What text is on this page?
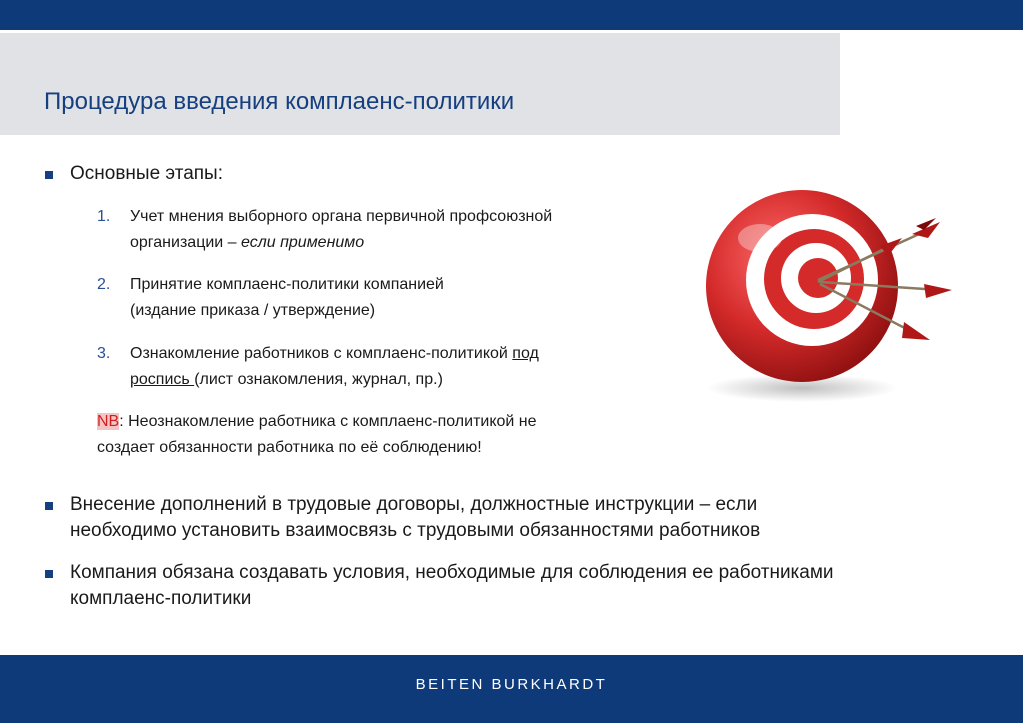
Процедура введения комплаенс-политики
Основные этапы:
1. Учет мнения выборного органа первичной профсоюзной
организации – если применимо
2. Принятие комплаенс-политики компанией
(издание приказа / утверждение)
3. Ознакомление работников с комплаенс-политикой под
роспись (лист ознакомления, журнал, пр.)
NB: Неознакомление работника с комплаенс-политикой не
создает обязанности работника по её соблюдению!
Внесение дополнений в трудовые договоры, должностные инструкции – если
необходимо установить взаимосвязь с трудовыми обязанностями работников
Компания обязана создавать условия, необходимые для соблюдения ее работниками
комплаенс-политики
BEITEN BURKHARDT
